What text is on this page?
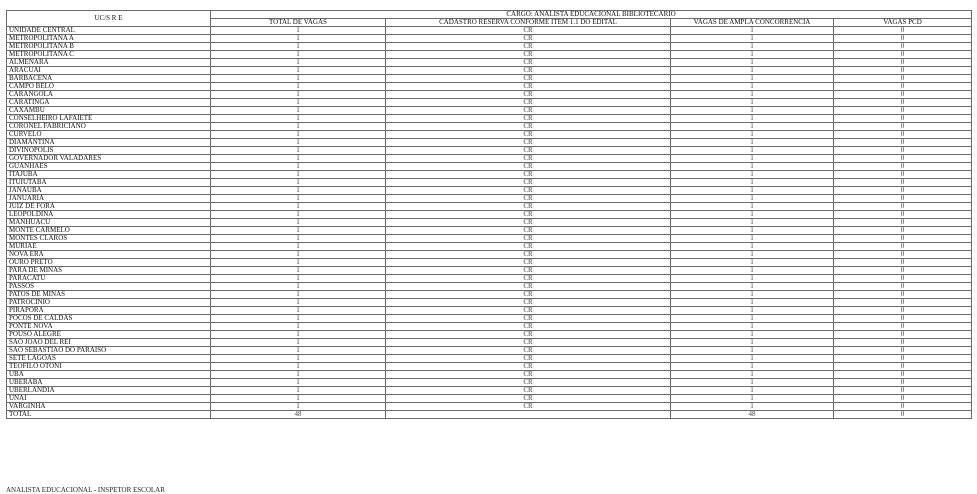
UC/S R E	CARGO: ANALISTA EDUCACIONAL BIBLIOTECARIO			
	TOTAL DE VAGAS	CADASTRO RESERVA CONFORME ITEM 1.1 DO EDITAL	VAGAS DE AMPLA CONCORRENCIA	VAGAS PCD
UNIDADE CENTRAL	1	CR	1	0
METROPOLITANA A	1	CR	1	0
METROPOLITANA B	1	CR	1	0
METROPOLITANA C	1	CR	1	0
ALMENARA	1	CR	1	0
ARACUAI	1	CR	1	0
BARBACENA	1	CR	1	0
CAMPO BELO	1	CR	1	0
CARANGOLA	1	CR	1	0
CARATINGA	1	CR	1	0
CAXAMBU	1	CR	1	0
CONSELHEIRO LAFAIETE	1	CR	1	0
CORONEL FABRICIANO	1	CR	1	0
CURVELO	1	CR	1	0
DIAMANTINA	1	CR	1	0
DIVINOPOLIS	1	CR	1	0
GOVERNADOR VALADARES	1	CR	1	0
GUANHAES	1	CR	1	0
ITAJUBA	1	CR	1	0
ITUIUTABA	1	CR	1	0
JANAUBA	1	CR	1	0
JANUARIA	1	CR	1	0
JUIZ DE FORA	1	CR	1	0
LEOPOLDINA	1	CR	1	0
MANHUACU	1	CR	1	0
MONTE CARMELO	1	CR	1	0
MONTES CLAROS	1	CR	1	0
MURIAE	1	CR	1	0
NOVA ERA	1	CR	1	0
OURO PRETO	1	CR	1	0
PARA DE MINAS	1	CR	1	0
PARACATU	1	CR	1	0
PASSOS	1	CR	1	0
PATOS DE MINAS	1	CR	1	0
PATROCINIO	1	CR	1	0
PIRAPORA	1	CR	1	0
POCOS DE CALDAS	1	CR	1	0
PONTE NOVA	1	CR	1	0
POUSO ALEGRE	1	CR	1	0
SAO JOAO DEL REI	1	CR	1	0
SAO SEBASTIAO DO PARAISO	1	CR	1	0
SETE LAGOAS	1	CR	1	0
TEOFILO OTONI	1	CR	1	0
UBA	1	CR	1	0
UBERABA	1	CR	1	0
UBERLANDIA	1	CR	1	0
UNAI	1	CR	1	0
VARGINHA	1	CR	1	0
TOTAL	48		48	0
ANALISTA EDUCACIONAL - INSPETOR ESCOLAR
